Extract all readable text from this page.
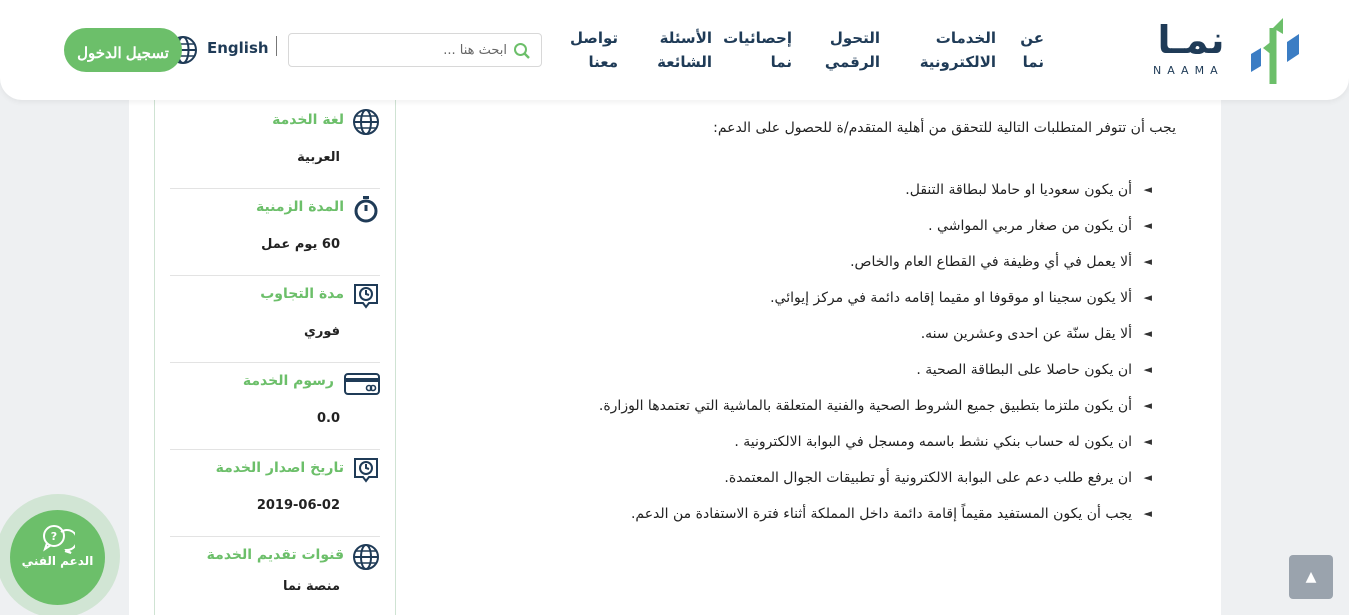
لغة الخدمة
العربية
المدة الزمنية
60 يوم عمل
مدة التجاوب
فوري
رسوم الخدمة
0.0
تاريخ اصدار الخدمة
2019-06-02
قنوات تقديم الخدمة
منصة نما

يجب أن تتوفر المتطلبات التالية للتحقق من أهلية المتقدم/ة للحصول على الدعم:

◄
أن يكون سعوديا او حاملا لبطاقة التنقل.
◄
أن يكون من صغار مربي المواشي .
◄
ألا يعمل في أي وظيفة في القطاع العام والخاص.
◄
ألا يكون سجينا او موقوفا او مقيما إقامه دائمة في مركز إيوائي.
◄
ألا يقل سنّة عن احدى وعشرين سنه.
◄
ان يكون حاصلا على البطاقة الصحية .
◄
أن يكون ملتزما بتطبيق جميع الشروط الصحية والفنية المتعلقة بالماشية التي تعتمدها الوزارة.
◄
ان يكون له حساب بنكي نشط باسمه ومسجل في البوابة الالكترونية .
◄
ان يرفع طلب دعم على البوابة الالكترونية أو تطبيقات الجوال المعتمدة.
◄
يجب أن يكون المستفيد مقيماً إقامة دائمة داخل المملكة أثناء فترة الاستفادة من الدعم.
نمـا
NAAMA
عن نما
الخدمات الالكترونية
التحول الرقمي
إحصائيات نما
الأسئلة الشائعة
تواصل معنا
ابحث هنا ...
English
تسجيل الدخول
?
الدعم الفني
▲
